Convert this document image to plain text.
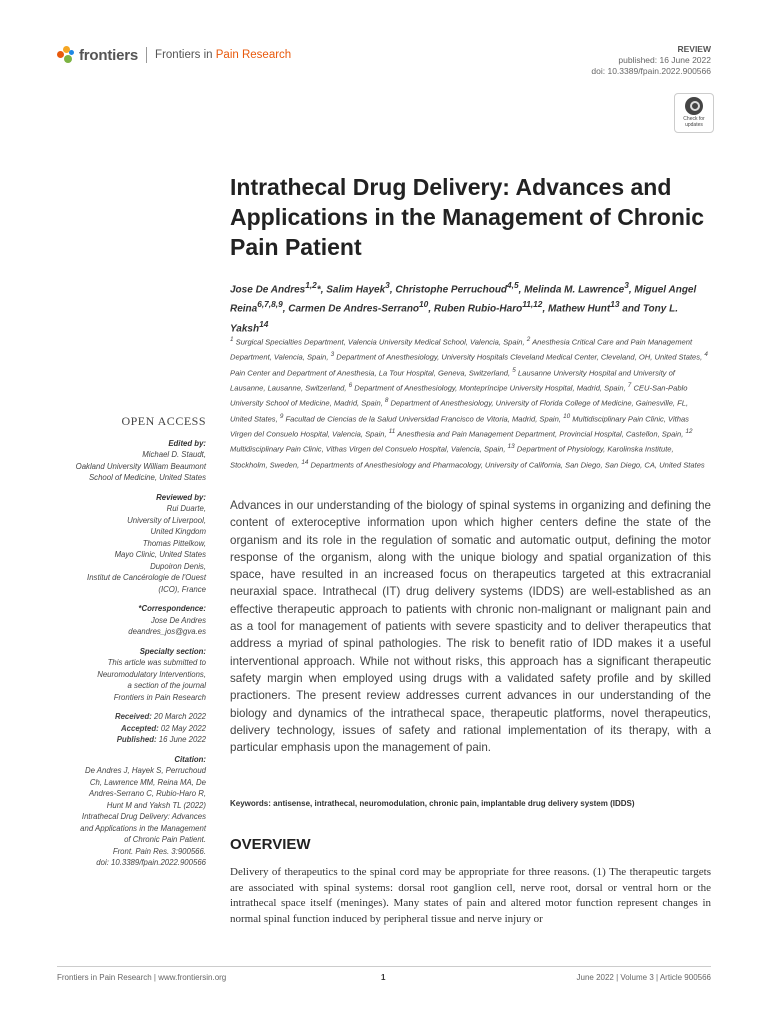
frontiers Frontiers in Pain Research	REVIEW
published: 16 June 2022
doi: 10.3389/fpain.2022.900566
Check for
updates
Intrathecal Drug Delivery: Advances and Applications in the Management of Chronic Pain Patient
Jose De Andres$^{1,2}$*, Salim Hayek$^3$, Christophe Perruchoud$^{4,5}$, Melinda M. Lawrence$^3$, Miguel Angel Reina$^{6,7,8,9}$, Carmen De Andres-Serrano$^{10}$, Ruben Rubio-Haro$^{11,12}$, Mathew Hunt$^{13}$ and Tony L. Yaksh$^{14}$
$^1$ Surgical Specialties Department, Valencia University Medical School, Valencia, Spain, $^2$ Anesthesia Critical Care and Pain Management Department, Valencia, Spain, $^3$ Department of Anesthesiology, University Hospitals Cleveland Medical Center, Cleveland, OH, United States, $^4$ Pain Center and Department of Anesthesia, La Tour Hospital, Geneva, Switzerland, $^5$ Lausanne University Hospital and University of Lausanne, Lausanne, Switzerland, $^6$ Department of Anesthesiology, Montepríncipe University Hospital, Madrid, Spain, $^7$ CEU-San-Pablo University School of Medicine, Madrid, Spain, $^8$ Department of Anesthesiology, University of Florida College of Medicine, Gainesville, FL, United States, $^9$ Facultad de Ciencias de la Salud Universidad Francisco de Vitoria, Madrid, Spain, $^{10}$ Multidisciplinary Pain Clinic, Vithas Virgen del Consuelo Hospital, Valencia, Spain, $^{11}$ Anesthesia and Pain Management Department, Provincial Hospital, Castellon, Spain, $^{12}$ Multidisciplinary Pain Clinic, Vithas Virgen del Consuelo Hospital, Valencia, Spain, $^{13}$ Department of Physiology, Karolinska Institute, Stockholm, Sweden, $^{14}$ Departments of Anesthesiology and Pharmacology, University of California, San Diego, San Diego, CA, United States
OPEN ACCESS
Edited by:
Michael D. Staudt,
Oakland University William Beaumont
School of Medicine, United States
Reviewed by:
Rui Duarte,
University of Liverpool,
United Kingdom
Thomas Pittelkow,
Mayo Clinic, United States
Dupoiron Denis,
Institut de Cancérologie de l'Ouest
(ICO), France
*Correspondence:
Jose De Andres
deandres_jos@gva.es
Specialty section:
This article was submitted to
Neuromodulatory Interventions,
a section of the journal
Frontiers in Pain Research
Received: 20 March 2022
Accepted: 02 May 2022
Published: 16 June 2022
Citation:
De Andres J, Hayek S, Perruchoud
Ch, Lawrence MM, Reina MA, De
Andres-Serrano C, Rubio-Haro R,
Hunt M and Yaksh TL (2022)
Intrathecal Drug Delivery: Advances
and Applications in the Management
of Chronic Pain Patient.
Front. Pain Res. 3:900566.
doi: 10.3389/fpain.2022.900566
Advances in our understanding of the biology of spinal systems in organizing and defining the content of exteroceptive information upon which higher centers define the state of the organism and its role in the regulation of somatic and automatic output, defining the motor response of the organism, along with the unique biology and spatial organization of this space, have resulted in an increased focus on therapeutics targeted at this extracranial neuraxial space. Intrathecal (IT) drug delivery systems (IDDS) are well-established as an effective therapeutic approach to patients with chronic non-malignant or malignant pain and as a tool for management of patients with severe spasticity and to deliver therapeutics that address a myriad of spinal pathologies. The risk to benefit ratio of IDD makes it a useful interventional approach. While not without risks, this approach has a significant therapeutic safety margin when employed using drugs with a validated safety profile and by skilled practioners. The present review addresses current advances in our understanding of the biology and dynamics of the intrathecal space, therapeutic platforms, novel therapeutics, delivery technology, issues of safety and rational implementation of its therapy, with a particular emphasis upon the management of pain.
Keywords: antisense, intrathecal, neuromodulation, chronic pain, implantable drug delivery system (IDDS)
OVERVIEW
Delivery of therapeutics to the spinal cord may be appropriate for three reasons. (1) The therapeutic targets are associated with spinal systems: dorsal root ganglion cell, nerve root, dorsal or ventral horn or the intrathecal space itself (meninges). Many states of pain and altered motor function represent changes in normal spinal function induced by peripheral tissue and nerve injury or
Frontiers in Pain Research | www.frontiersin.org	1	June 2022 | Volume 3 | Article 900566
